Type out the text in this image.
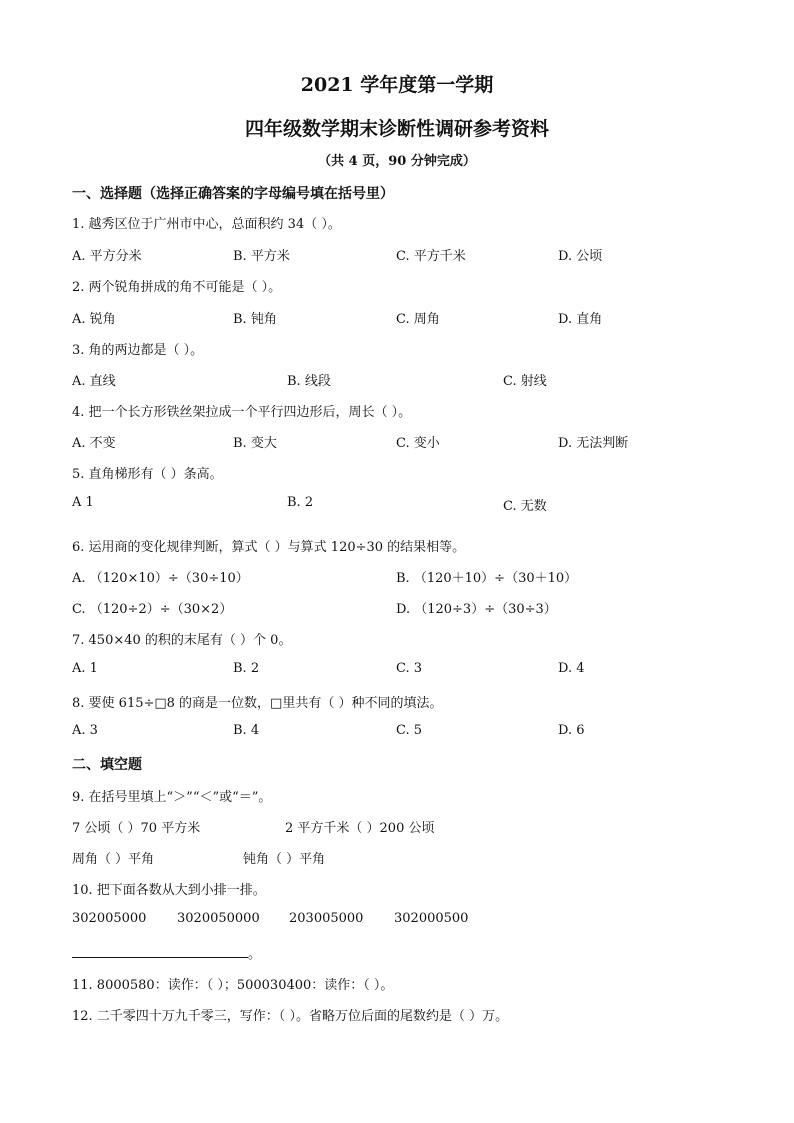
2021 学年度第一学期
四年级数学期末诊断性调研参考资料
（共 4 页，90 分钟完成）
一、选择题（选择正确答案的字母编号填在括号里）
1. 越秀区位于广州市中心，总面积约 34（ ）。
A. 平方分米	B. 平方米	C. 平方千米	D. 公顷
2. 两个锐角拼成的角不可能是（ ）。
A. 锐角	B. 钝角	C. 周角	D. 直角
3. 角的两边都是（ ）。
A. 直线	B. 线段	C. 射线
4. 把一个长方形铁丝架拉成一个平行四边形后，周长（ ）。
A. 不变	B. 变大	C. 变小	D. 无法判断
5. 直角梯形有（ ）条高。
A 1	B. 2	C. 无数
6. 运用商的变化规律判断，算式（ ）与算式 120÷30 的结果相等。
A. （120×10）÷（30÷10）	B. （120＋10）÷（30＋10）
C. （120÷2）÷（30×2）	D. （120÷3）÷（30÷3）
7. 450×40 的积的末尾有（ ）个 0。
A. 1	B. 2	C. 3	D. 4
8. 要使 615÷□8 的商是一位数，□里共有（ ）种不同的填法。
A. 3	B. 4	C. 5	D. 6
二、填空题
9. 在括号里填上“＞”“＜”或“＝”。
7 公顷（ ）70 平方米	2 平方千米（ ）200 公顷
周角（ ）平角	钝角（ ）平角
10. 把下面各数从大到小排一排。
302005000 3020050000 203005000 302000500
。
11. 8000580：读作：（ ）；500030400：读作：（ ）。
12. 二千零四十万九千零三，写作：（ ）。省略万位后面的尾数约是（ ）万。
